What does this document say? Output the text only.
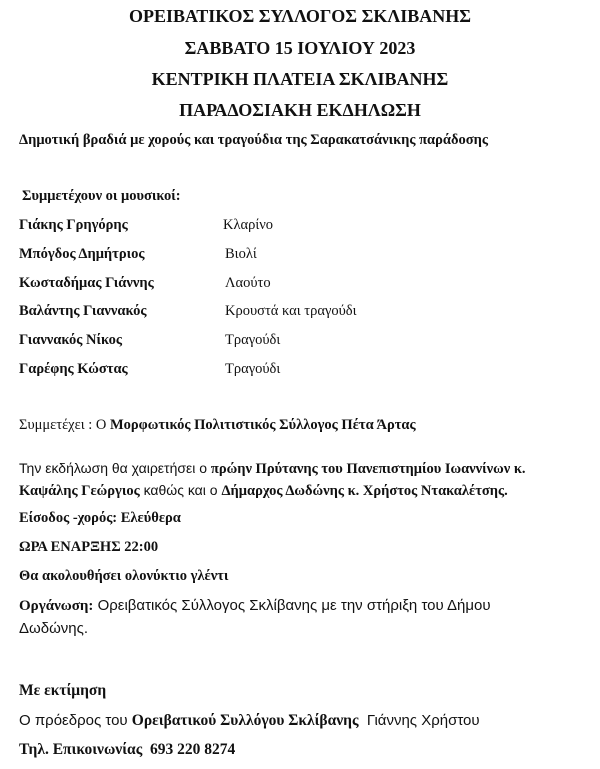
ΟΡΕΙΒΑΤΙΚΟΣ ΣΥΛΛΟΓΟΣ ΣΚΛΙΒΑΝΗΣ
ΣΑΒΒΑΤΟ 15 ΙΟΥΛΙΟΥ 2023
ΚΕΝΤΡΙΚΗ ΠΛΑΤΕΙΑ ΣΚΛΙΒΑΝΗΣ
ΠΑΡΑΔΟΣΙΑΚΗ ΕΚΔΗΛΩΣΗ
Δημοτική βραδιά με χορούς και τραγούδια της Σαρακατσάνικης παράδοσης
Συμμετέχουν οι μουσικοί:
Γιάκης Γρηγόρης	Κλαρίνο
Μπόγδος Δημήτριος	Βιολί
Κωσταδήμας Γιάννης	Λαούτο
Βαλάντης Γιαννακός	Κρουστά και τραγούδι
Γιαννακός Νίκος	Τραγούδι
Γαρέφης Κώστας	Τραγούδι
Συμμετέχει : Ο Μορφωτικός Πολιτιστικός Σύλλογος Πέτα Άρτας
Την εκδήλωση θα χαιρετήσει ο πρώην Πρύτανης του Πανεπιστημίου Ιωαννίνων κ.
Καψάλης Γεώργιος καθώς και ο Δήμαρχος Δωδώνης κ. Χρήστος Ντακαλέτσης.
Είσοδος -χορός: Ελεύθερα
ΩΡΑ ΕΝΑΡΞΗΣ 22:00
Θα ακολουθήσει ολονύκτιο γλέντι
Οργάνωση: Ορειβατικός Σύλλογος Σκλίβανης με την στήριξη του Δήμου
Δωδώνης.
Με εκτίμηση
Ο πρόεδρος του Ορειβατικού Συλλόγου Σκλίβανης  Γιάννης Χρήστου
Τηλ. Επικοινωνίας  693 220 8274
